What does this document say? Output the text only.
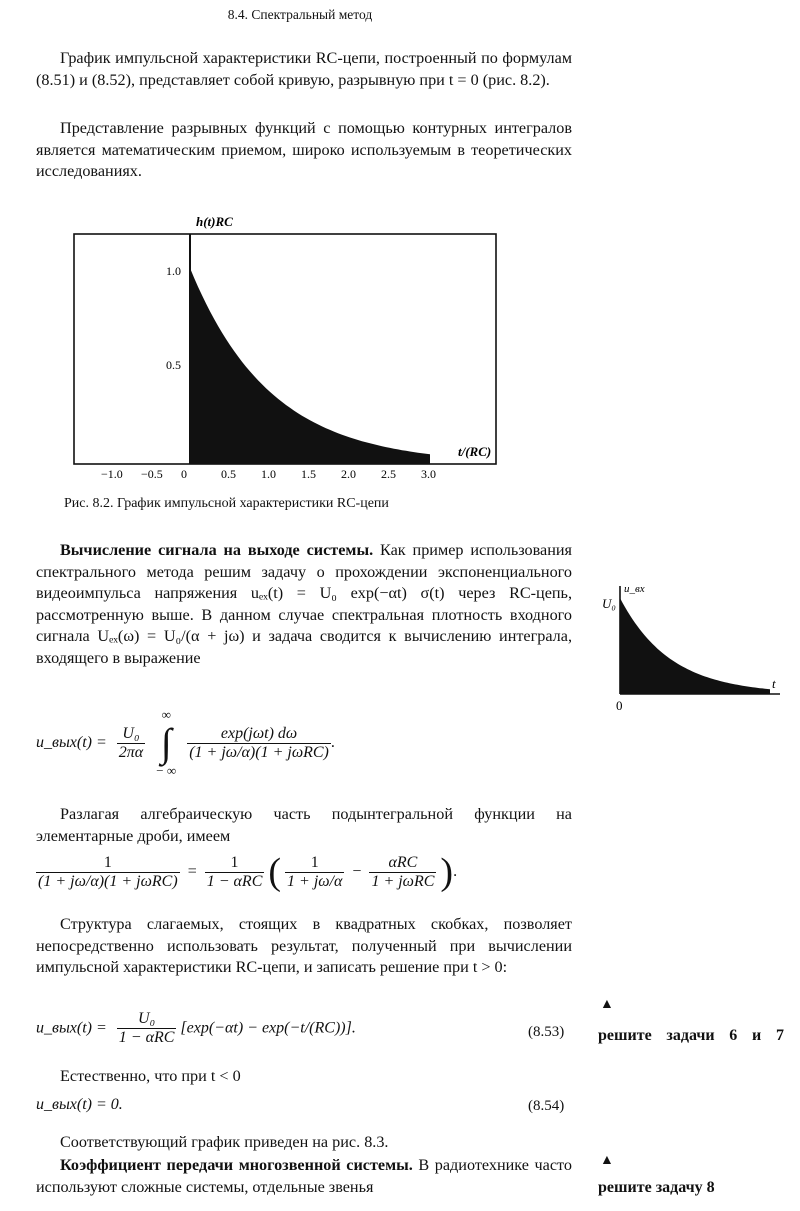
8.4. Спектральный метод
График импульсной характеристики RC-цепи, построенный по формулам (8.51) и (8.52), представляет собой кривую, разрывную при t = 0 (рис. 8.2).
Представление разрывных функций с помощью контурных интегралов является математическим приемом, широко используемым в теоретических исследованиях.
h(t)RC
t/(RC)
1.0
0.5
−1.0 −0.5 0	0.5 1.0 1.5 2.0 2.5 3.0
Рис. 8.2. График импульсной характеристики RC-цепи
Вычисление сигнала на выходе системы. Как пример использования спектрального метода решим задачу о прохождении экспоненциального видеоимпульса напряжения uₑₓ(t) = U₀ exp(−αt) σ(t) через RC-цепь, рассмотренную выше. В данном случае спектральная плотность входного сигнала Uₑₓ(ω) = U₀/(α + jω) и задача сводится к вычислению интеграла, входящего в выражение
u_вх
U₀
t
0
u_вых(t) = $\frac{\text{U₀}}{2\pi\alpha}$

∞
∫
− ∞

$\frac{\text{exp(jωt) dω}}{\text{(1 + jω/α)(1 + jωRC)}}$ .
Разлагая алгебраическую часть подынтегральной функции на элементарные дроби, имеем
$\frac{1}{\text{(1 + jω/α)(1 + jωRC)}} = \frac{1}{\text{1 − αRC}}$ ( $\frac{1}{1 + j\omega/\alpha} - \frac{\text{αRC}}{\text{1 + jωRC}}$ ).
Структура слагаемых, стоящих в квадратных скобках, позволяет непосредственно использовать результат, полученный при вычислении импульсной характеристики RC-цепи, и записать решение при t > 0:
u_вых(t) = $\frac{\text{U₀}}{\text{1 − αRC}} [\exp(-\alpha t) - \exp(-t/(RC))]$.	(8.53)
Естественно, что при t < 0
u_вых(t) = 0.	(8.54)
Соответствующий график приведен на рис. 8.3.
Коэффициент передачи многозвенной системы. В радиотехнике часто используют сложные системы, отдельные звенья
▲
решите задачи 6 и 7
▲
решите задачу 8
